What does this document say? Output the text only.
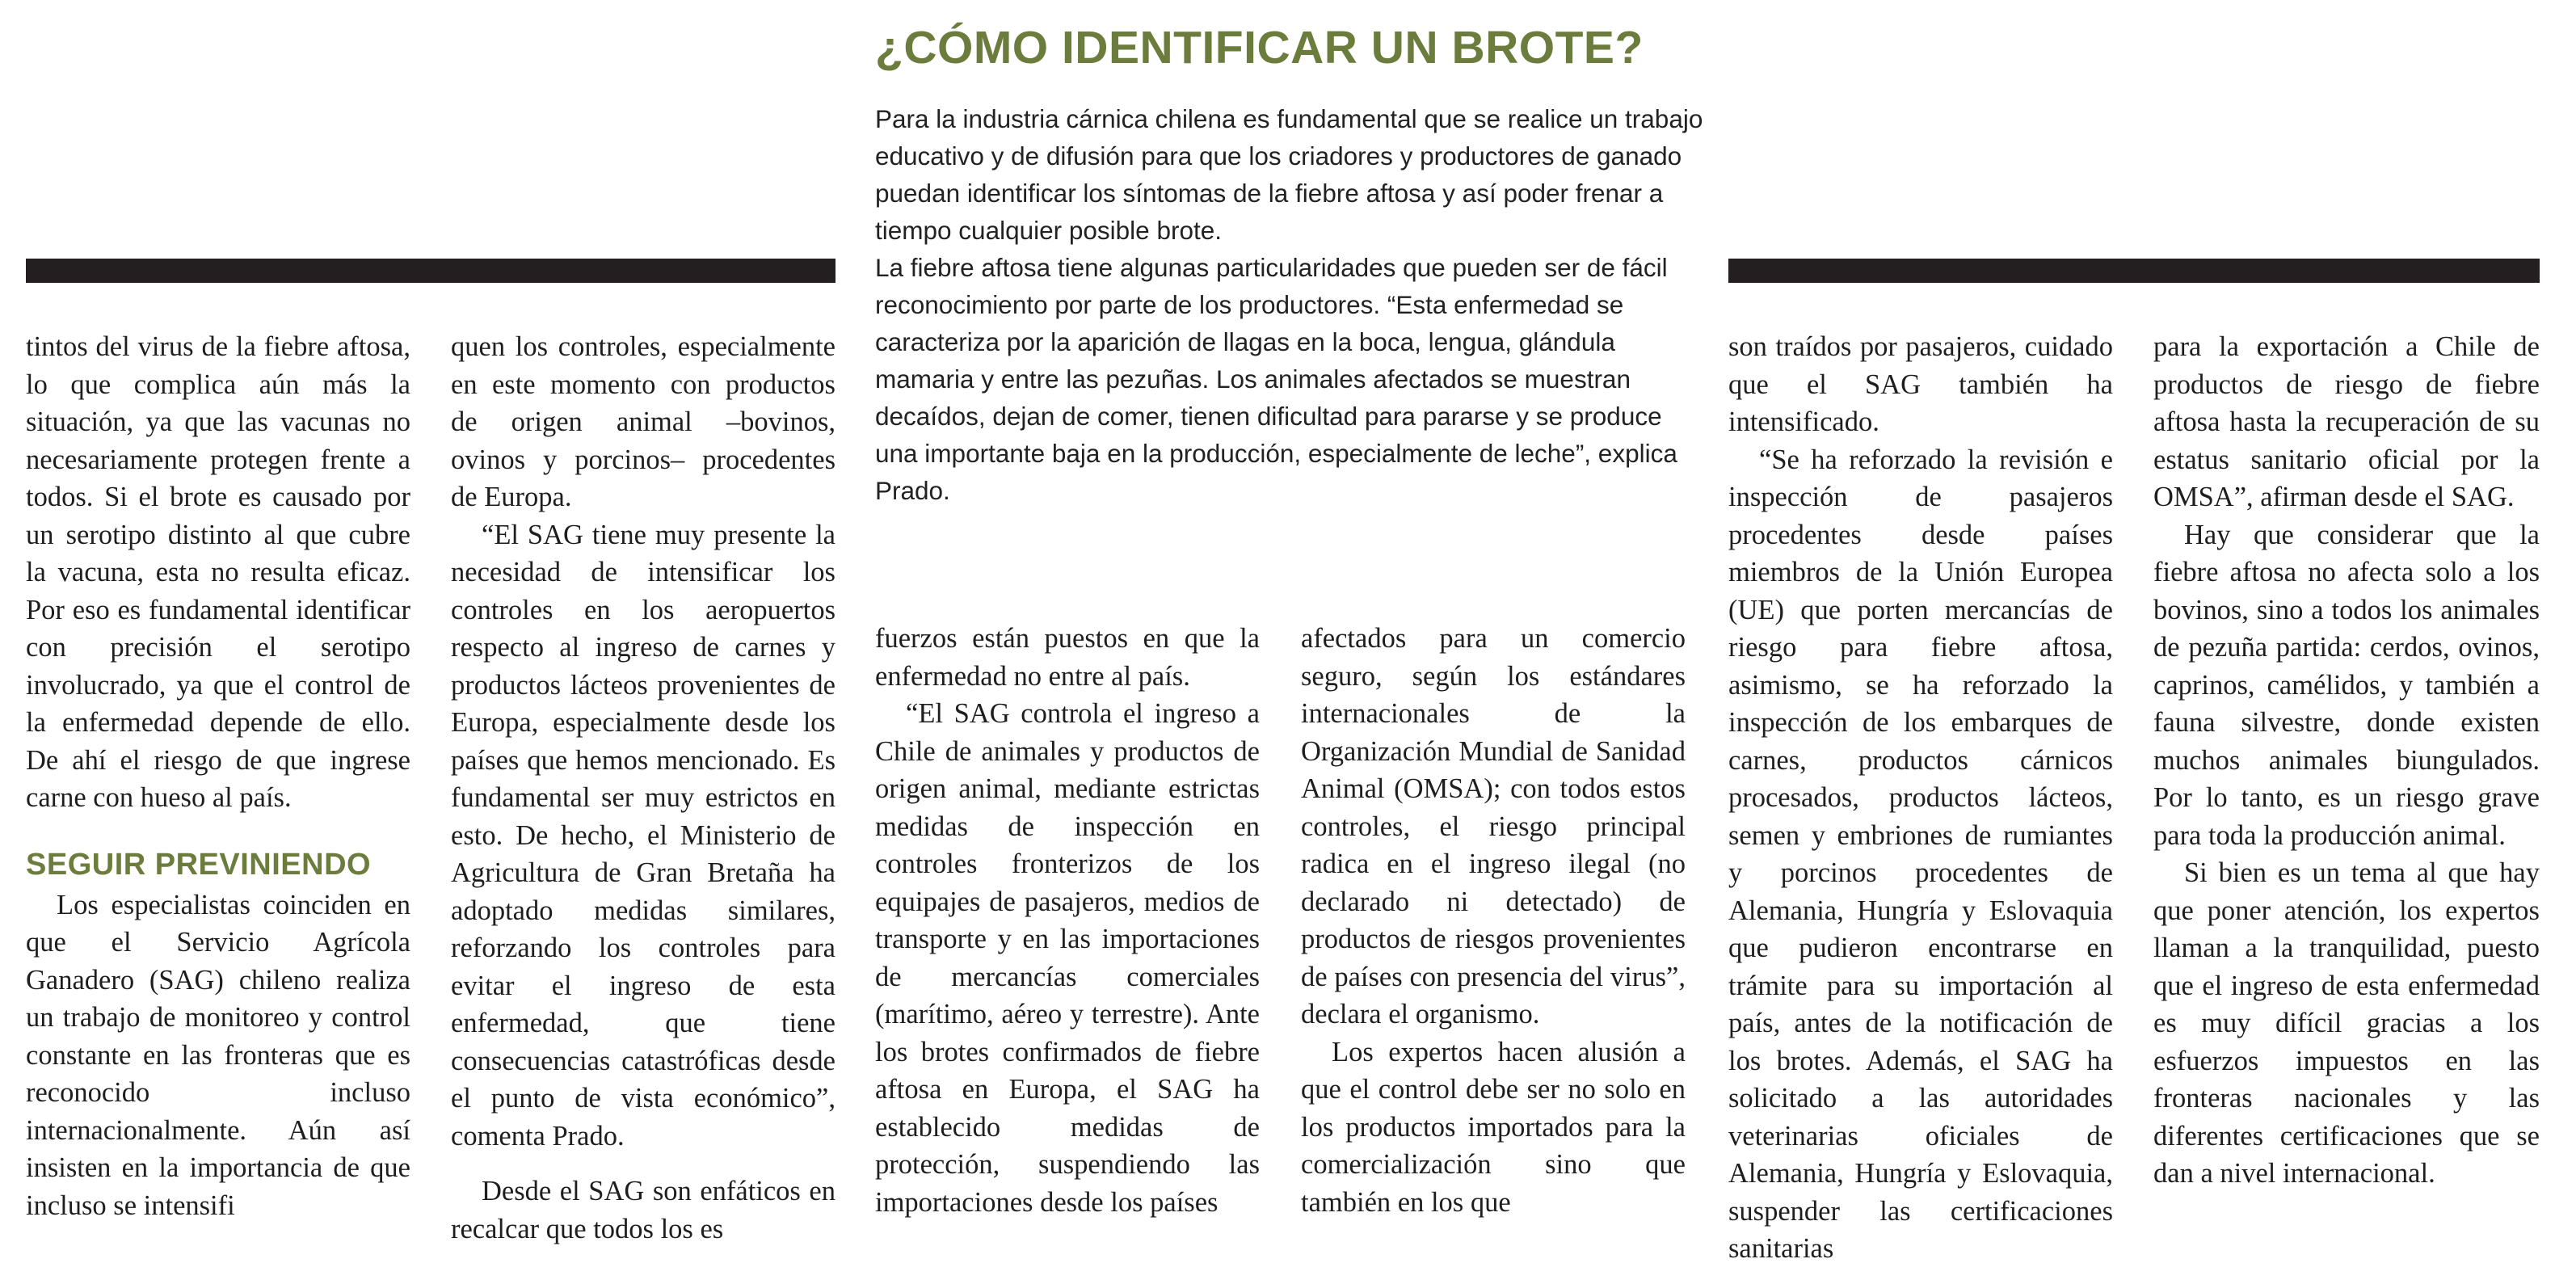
¿CÓMO IDENTIFICAR UN BROTE?

Para la industria cárnica chilena es fundamental que se realice un trabajo educativo y de difusión para que los criadores y productores de ganado puedan identificar los síntomas de la fiebre aftosa y así poder frenar a tiempo cualquier posible brote.

La fiebre aftosa tiene algunas particularidades que pueden ser de fácil reconocimiento por parte de los productores. “Esta enfermedad se caracteriza por la aparición de llagas en la boca, lengua, glándula mamaria y entre las pezuñas. Los animales afectados se muestran decaídos, dejan de comer, tienen dificultad para pararse y se produce una importante baja en la producción, especialmente de leche”, explica Prado.

tintos del virus de la fiebre aftosa, lo que complica aún más la situación, ya que las vacunas no necesariamente protegen frente a todos. Si el brote es causado por un serotipo distinto al que cubre la vacuna, esta no resulta eficaz. Por eso es fundamental identificar con precisión el serotipo involucrado, ya que el control de la enfermedad depende de ello. De ahí el riesgo de que ingrese carne con hueso al país.

SEGUIR PREVINIENDO

Los especialistas coinciden en que el Servicio Agrícola Ganadero (SAG) chileno realiza un trabajo de monitoreo y control constante en las fronteras que es reconocido incluso internacionalmente. Aún así insisten en la importancia de que incluso se intensifi

quen los controles, especialmente en este momento con productos de origen animal –bovinos, ovinos y porcinos– procedentes de Europa.

“El SAG tiene muy presente la necesidad de intensificar los controles en los aeropuertos respecto al ingreso de carnes y productos lácteos provenientes de Europa, especialmente desde los países que hemos mencionado. Es fundamental ser muy estrictos en esto. De hecho, el Ministerio de Agricultura de Gran Bretaña ha adoptado medidas similares, reforzando los controles para evitar el ingreso de esta enfermedad, que tiene consecuencias catastróficas desde el punto de vista económico”, comenta Prado.

Desde el SAG son enfáticos en recalcar que todos los es

fuerzos están puestos en que la enfermedad no entre al país.

“El SAG controla el ingreso a Chile de animales y productos de origen animal, mediante estrictas medidas de inspección en controles fronterizos de los equipajes de pasajeros, medios de transporte y en las importaciones de mercancías comerciales (marítimo, aéreo y terrestre). Ante los brotes confirmados de fiebre aftosa en Europa, el SAG ha establecido medidas de protección, suspendiendo las importaciones desde los países

afectados para un comercio seguro, según los estándares internacionales de la Organización Mundial de Sanidad Animal (OMSA); con todos estos controles, el riesgo principal radica en el ingreso ilegal (no declarado ni detectado) de productos de riesgos provenientes de países con presencia del virus”, declara el organismo.

Los expertos hacen alusión a que el control debe ser no solo en los productos importados para la comercialización sino que también en los que

son traídos por pasajeros, cuidado que el SAG también ha intensificado.

“Se ha reforzado la revisión e inspección de pasajeros procedentes desde países miembros de la Unión Europea (UE) que porten mercancías de riesgo para fiebre aftosa, asimismo, se ha reforzado la inspección de los embarques de carnes, productos cárnicos procesados, productos lácteos, semen y embriones de rumiantes y porcinos procedentes de Alemania, Hungría y Eslovaquia que pudieron encontrarse en trámite para su importación al país, antes de la notificación de los brotes. Además, el SAG ha solicitado a las autoridades veterinarias oficiales de Alemania, Hungría y Eslovaquia, suspender las certificaciones sanitarias

para la exportación a Chile de productos de riesgo de fiebre aftosa hasta la recuperación de su estatus sanitario oficial por la OMSA”, afirman desde el SAG.

Hay que considerar que la fiebre aftosa no afecta solo a los bovinos, sino a todos los animales de pezuña partida: cerdos, ovinos, caprinos, camélidos, y también a fauna silvestre, donde existen muchos animales biungulados. Por lo tanto, es un riesgo grave para toda la producción animal.

Si bien es un tema al que hay que poner atención, los expertos llaman a la tranquilidad, puesto que el ingreso de esta enfermedad es muy difícil gracias a los esfuerzos impuestos en las fronteras nacionales y las diferentes certificaciones que se dan a nivel internacional.
